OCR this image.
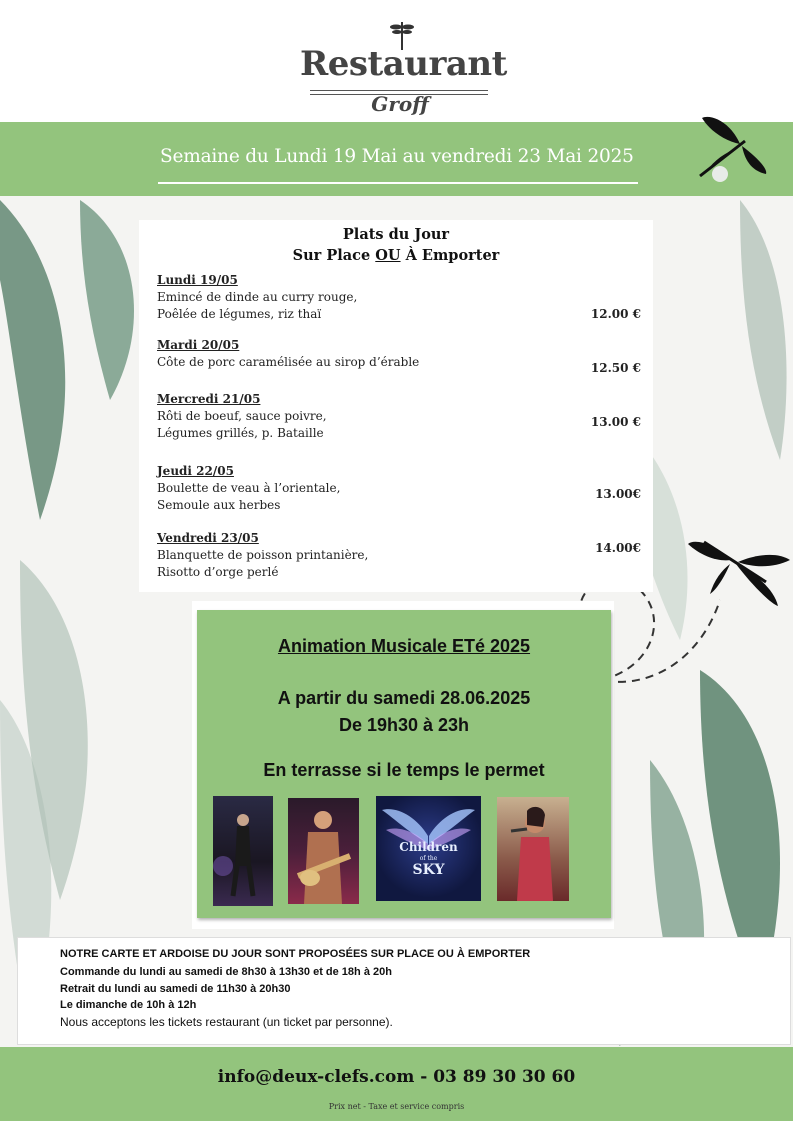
Restaurant
Groff
Semaine du Lundi 19 Mai au vendredi 23 Mai 2025
Plats du Jour
Sur Place OU À Emporter
Lundi 19/05
Emincé de dinde au curry rouge,
Poêlée de légumes, riz thaï	12.00 €
Mardi 20/05
Côte de porc caramélisée au sirop d’érable	12.50 €
Mercredi 21/05
Rôti de boeuf, sauce poivre,
Légumes grillés, p. Bataille
13.00 €
Jeudi 22/05
Boulette de veau à l’orientale,
Semoule aux herbes
13.00€
Vendredi 23/05
Blanquette de poisson printanière,
Risotto d’orge perlé
14.00€
Animation Musicale ETé 2025
A partir du samedi 28.06.2025
De 19h30 à 23h
En terrasse si le temps le permet
Children
of the
SKY
NOTRE CARTE ET ARDOISE DU JOUR SONT PROPOSÉES SUR PLACE OU À EMPORTER
Commande du lundi au samedi de 8h30 à 13h30 et de 18h à 20h
Retrait du lundi au samedi de 11h30 à 20h30
Le dimanche de 10h à 12h
Nous acceptons les tickets restaurant (un ticket par personne).
info@deux-clefs.com - 03 89 30 30 60
Prix net - Taxe et service compris
